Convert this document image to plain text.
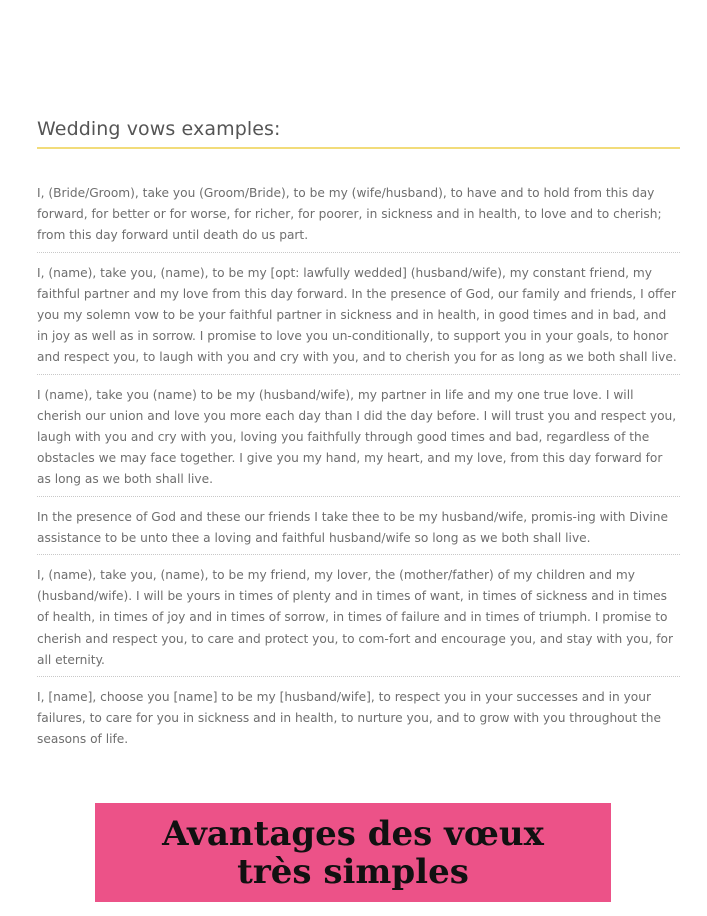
Wedding vows examples:

I, (Bride/Groom), take you (Groom/Bride), to be my (wife/husband), to have and to hold from this day forward, for better or for worse, for richer, for poorer, in sickness and in health, to love and to cherish; from this day forward until death do us part.

I, (name), take you, (name), to be my [opt: lawfully wedded] (husband/wife), my constant friend, my faithful partner and my love from this day forward. In the presence of God, our family and friends, I offer you my solemn vow to be your faithful partner in sickness and in health, in good times and in bad, and in joy as well as in sorrow. I promise to love you un-conditionally, to support you in your goals, to honor and respect you, to laugh with you and cry with you, and to cherish you for as long as we both shall live.

I (name), take you (name) to be my (husband/wife), my partner in life and my one true love. I will cherish our union and love you more each day than I did the day before. I will trust you and respect you, laugh with you and cry with you, loving you faithfully through good times and bad, regardless of the obstacles we may face together. I give you my hand, my heart, and my love, from this day forward for as long as we both shall live.

In the presence of God and these our friends I take thee to be my husband/wife, promis-ing with Divine assistance to be unto thee a loving and faithful husband/wife so long as we both shall live.

I, (name), take you, (name), to be my friend, my lover, the (mother/father) of my children and my (husband/wife). I will be yours in times of plenty and in times of want, in times of sickness and in times of health, in times of joy and in times of sorrow, in times of failure and in times of triumph. I promise to cherish and respect you, to care and protect you, to com-fort and encourage you, and stay with you, for all eternity.

I, [name], choose you [name] to be my [husband/wife], to respect you in your successes and in your failures, to care for you in sickness and in health, to nurture you, and to grow with you throughout the seasons of life.

Avantages des vœux très simples
